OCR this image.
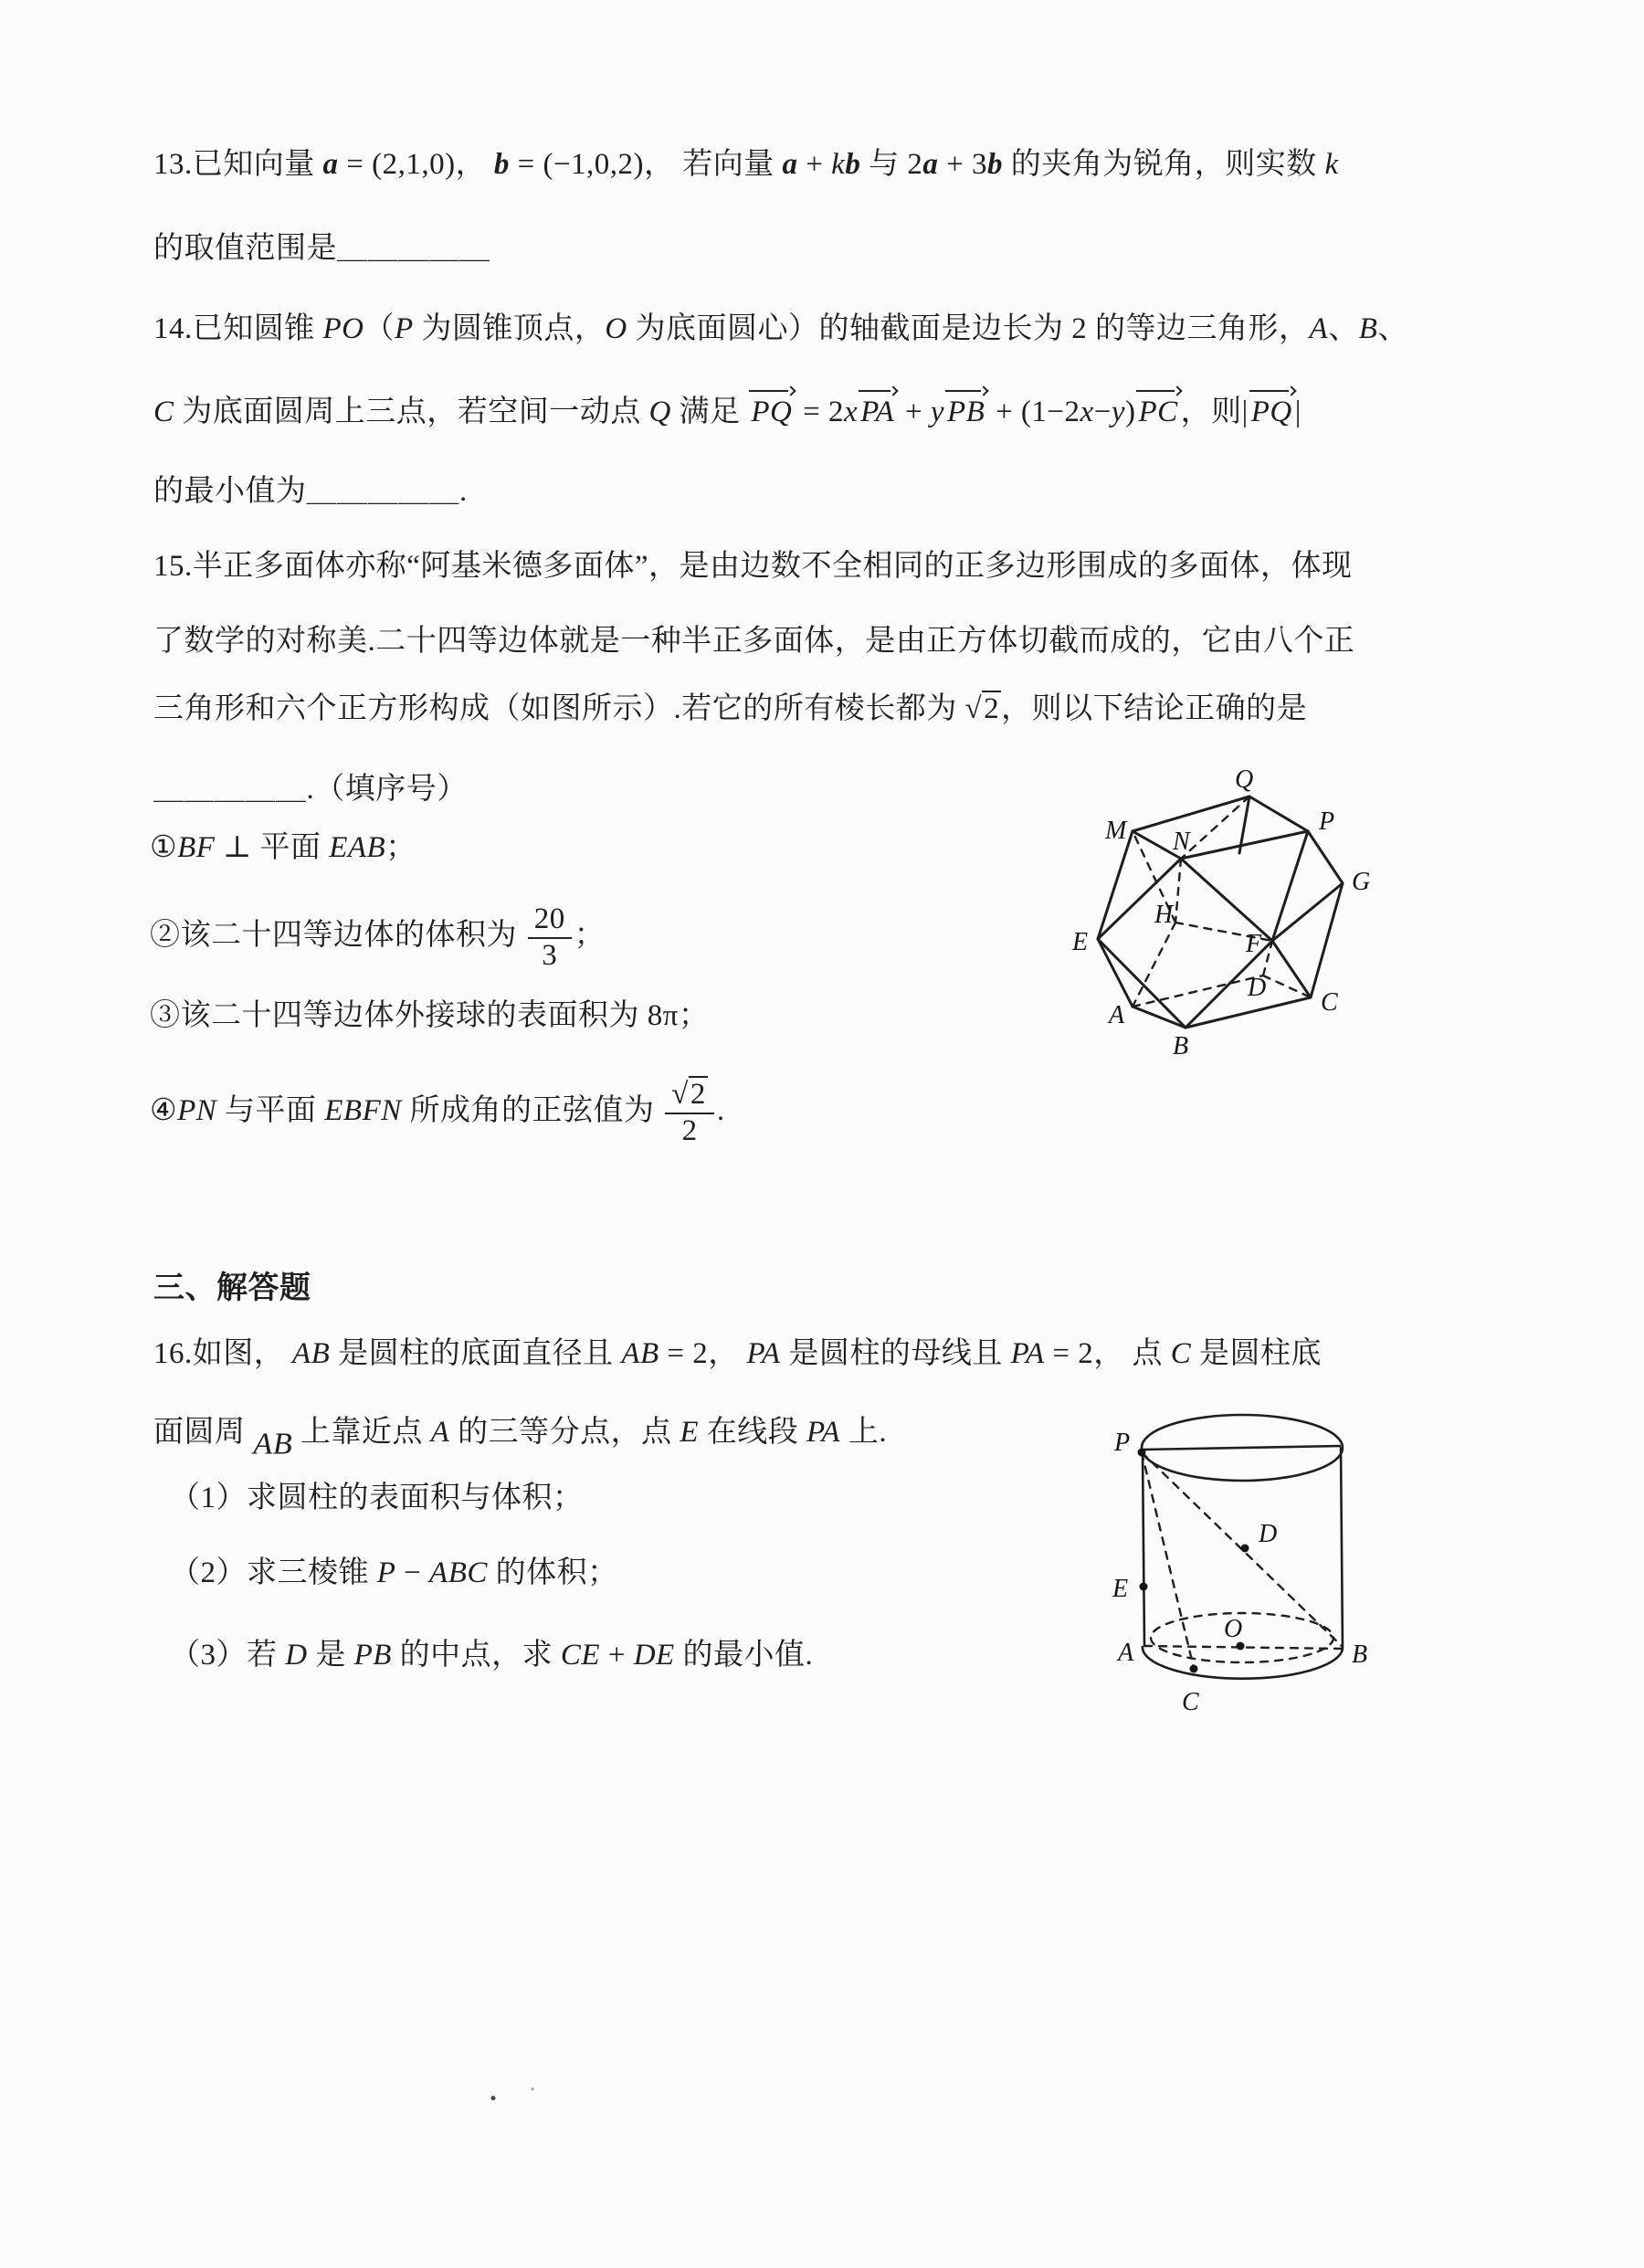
13.已知向量 a = (2,1,0)， b = (−1,0,2)， 若向量 a + kb 与 2a + 3b 的夹角为锐角，则实数 k
的取值范围是＿＿＿＿＿
14.已知圆锥 PO（P 为圆锥顶点，O 为底面圆心）的轴截面是边长为 2 的等边三角形，A、B、
C 为底面圆周上三点，若空间一动点 Q 满足 PQ = 2xPA + yPB + (1−2x−y)PC，则|PQ|
的最小值为＿＿＿＿＿.
15.半正多面体亦称“阿基米德多面体”，是由边数不全相同的正多边形围成的多面体，体现
了数学的对称美.二十四等边体就是一种半正多面体，是由正方体切截而成的，它由八个正
三角形和六个正方形构成（如图所示）.若它的所有棱长都为 √ 2，则以下结论正确的是
＿＿＿＿＿.（填序号）
①BF ⊥ 平面 EAB；
②该二十四等边体的体积为 $\frac{20}{3}$ ；
③该二十四等边体外接球的表面积为 8π；
④PN 与平面 EBFN 所成角的正弦值为 √ $\frac{2}{2}$ .
三、解答题
16.如图， AB 是圆柱的底面直径且 AB = 2， PA 是圆柱的母线且 PA = 2， 点 C 是圆柱底
面圆周 AB 上靠近点 A 的三等分点，点 E 在线段 PA 上.
（1）求圆柱的表面积与体积；
（2）求三棱锥 P − ABC 的体积；
（3）若 D 是 PB 的中点，求 CE + DE 的最小值.
Q
M N
P
G
E
H
F
D
A
B
C
P
E
D
O
A	B
C
